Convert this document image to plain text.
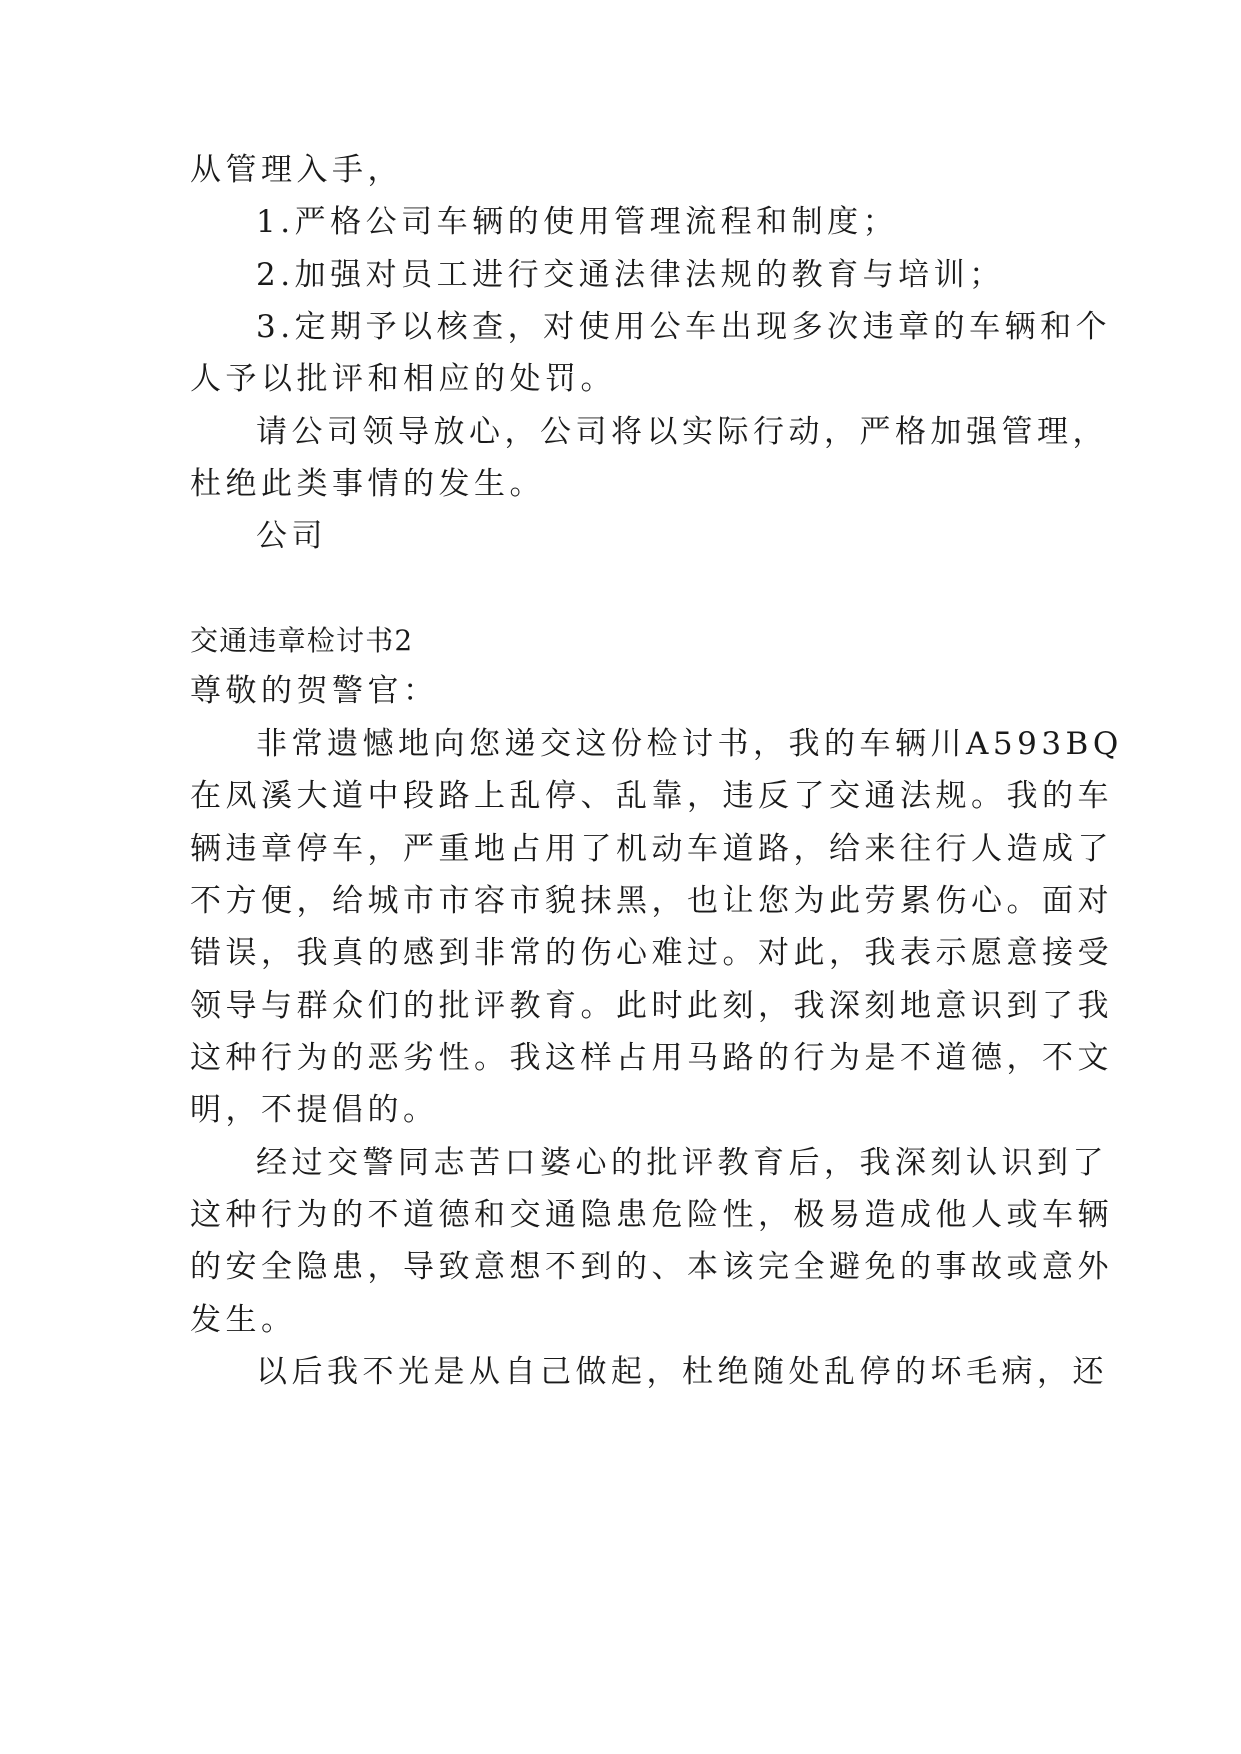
从管理入手，
1.严格公司车辆的使用管理流程和制度；
2.加强对员工进行交通法律法规的教育与培训；
3.定期予以核查，对使用公车出现多次违章的车辆和个
人予以批评和相应的处罚。
请公司领导放心，公司将以实际行动，严格加强管理，
杜绝此类事情的发生。
公司
交通违章检讨书2
尊敬的贺警官：
非常遗憾地向您递交这份检讨书，我的车辆川A593BQ
在凤溪大道中段路上乱停、乱靠，违反了交通法规。我的车
辆违章停车，严重地占用了机动车道路，给来往行人造成了
不方便，给城市市容市貌抹黑，也让您为此劳累伤心。面对
错误，我真的感到非常的伤心难过。对此，我表示愿意接受
领导与群众们的批评教育。此时此刻，我深刻地意识到了我
这种行为的恶劣性。我这样占用马路的行为是不道德，不文
明，不提倡的。
经过交警同志苦口婆心的批评教育后，我深刻认识到了
这种行为的不道德和交通隐患危险性，极易造成他人或车辆
的安全隐患，导致意想不到的、本该完全避免的事故或意外
发生。
以后我不光是从自己做起，杜绝随处乱停的坏毛病，还
